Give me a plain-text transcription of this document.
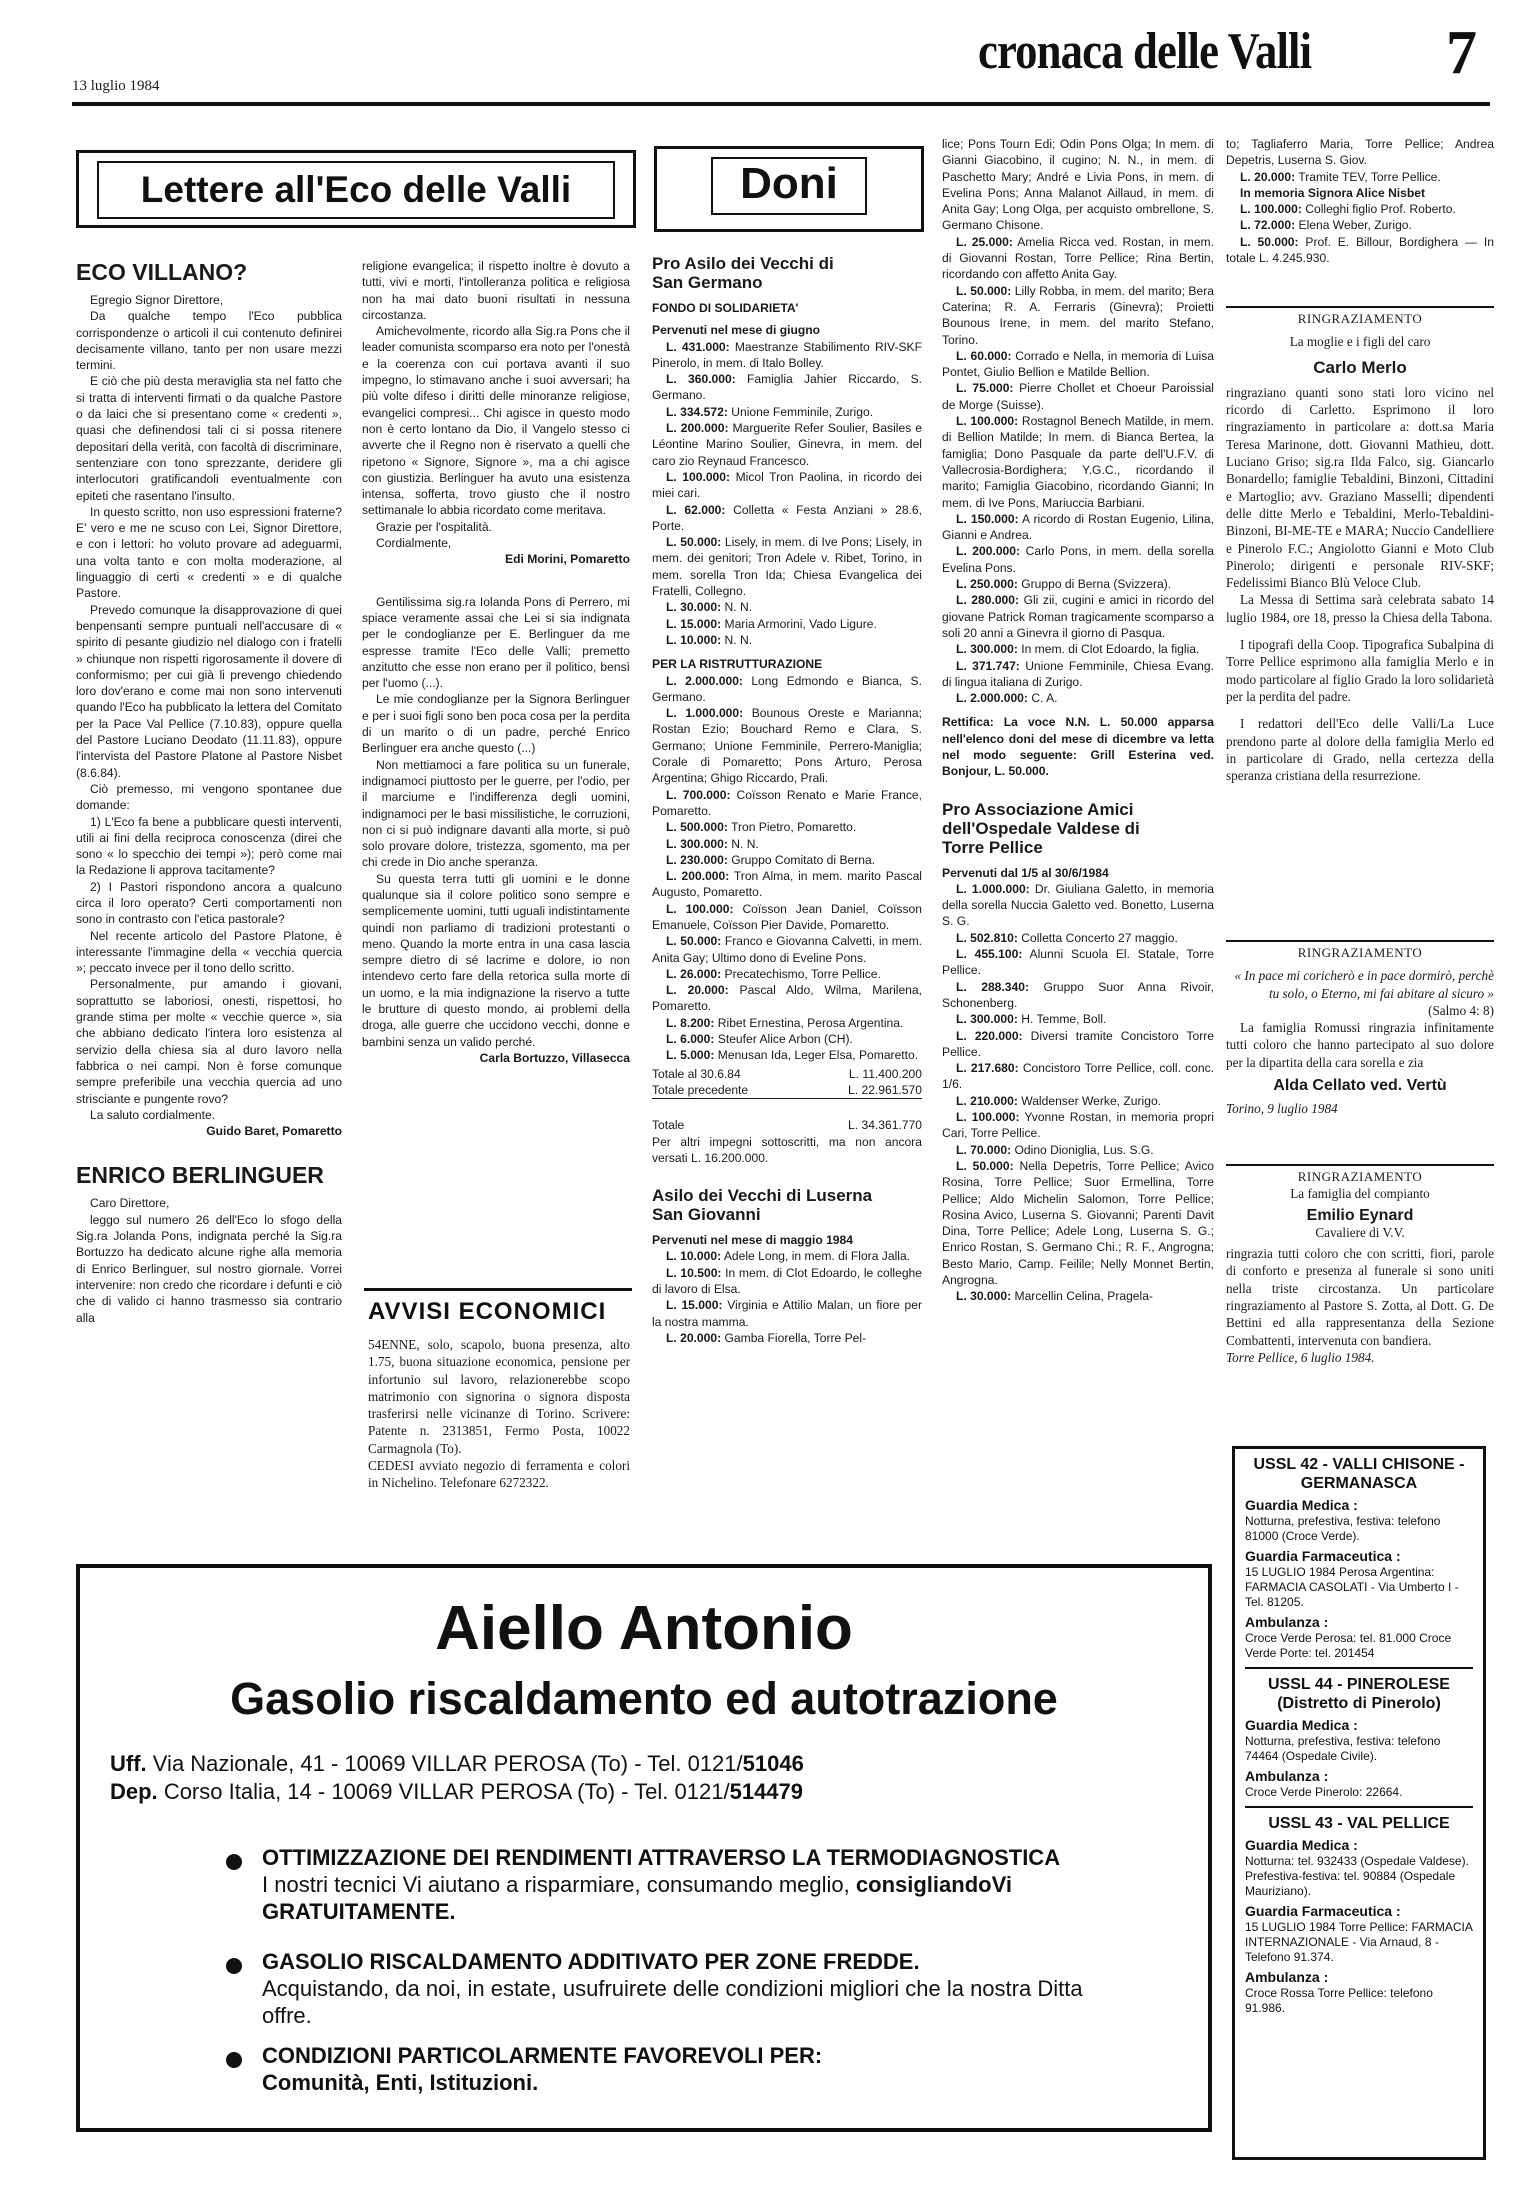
13 luglio 1984
cronaca delle Valli 7
Lettere all'Eco delle Valli
ECO VILLANO?

Egregio Signor Direttore,

Da qualche tempo l'Eco pubblica corrispondenze o articoli il cui contenuto definirei decisamente villano, tanto per non usare mezzi termini.

E ciò che più desta meraviglia sta nel fatto che si tratta di interventi firmati o da qualche Pastore o da laici che si presentano come « credenti », quasi che definendosi tali ci si possa ritenere depositari della verità, con facoltà di discriminare, sentenziare con tono sprezzante, deridere gli interlocutori gratificandoli eventualmente con epiteti che rasentano l'insulto.

In questo scritto, non uso espressioni fraterne? E' vero e me ne scuso con Lei, Signor Direttore, e con i lettori: ho voluto provare ad adeguarmi, una volta tanto e con molta moderazione, al linguaggio di certi « credenti » e di qualche Pastore.

Prevedo comunque la disapprovazione di quei benpensanti sempre puntuali nell'accusare di « spirito di pesante giudizio nel dialogo con i fratelli » chiunque non rispetti rigorosamente il dovere di conformismo; per cui già li prevengo chiedendo loro dov'erano e come mai non sono intervenuti quando l'Eco ha pubblicato la lettera del Comitato per la Pace Val Pellice (7.10.83), oppure quella del Pastore Luciano Deodato (11.11.83), oppure l'intervista del Pastore Platone al Pastore Nisbet (8.6.84).

Ciò premesso, mi vengono spontanee due domande:

1) L'Eco fa bene a pubblicare questi interventi, utili ai fini della reciproca conoscenza (direi che sono « lo specchio dei tempi »); però come mai la Redazione li approva tacitamente?

2) I Pastori rispondono ancora a qualcuno circa il loro operato? Certi comportamenti non sono in contrasto con l'etica pastorale?

Nel recente articolo del Pastore Platone, è interessante l'immagine della « vecchia quercia »; peccato invece per il tono dello scritto.

Personalmente, pur amando i giovani, soprattutto se laboriosi, onesti, rispettosi, ho grande stima per molte « vecchie querce », sia che abbiano dedicato l'intera loro esistenza al servizio della chiesa sia al duro lavoro nella fabbrica o nei campi. Non è forse comunque sempre preferibile una vecchia quercia ad uno strisciante e pungente rovo?

La saluto cordialmente.

Guido Baret, Pomaretto

ENRICO BERLINGUER

Caro Direttore,

leggo sul numero 26 dell'Eco lo sfogo della Sig.ra Jolanda Pons, indignata perché la Sig.ra Bortuzzo ha dedicato alcune righe alla memoria di Enrico Berlinguer, sul nostro giornale. Vorrei intervenire: non credo che ricordare i defunti e ciò che di valido ci hanno trasmesso sia contrario alla

religione evangelica; il rispetto inoltre è dovuto a tutti, vivi e morti, l'intolleranza politica e religiosa non ha mai dato buoni risultati in nessuna circostanza.

Amichevolmente, ricordo alla Sig.ra Pons che il leader comunista scomparso era noto per l'onestà e la coerenza con cui portava avanti il suo impegno, lo stimavano anche i suoi avversari; ha più volte difeso i diritti delle minoranze religiose, evangelici compresi... Chi agisce in questo modo non è certo lontano da Dio, il Vangelo stesso ci avverte che il Regno non è riservato a quelli che ripetono « Signore, Signore », ma a chi agisce con giustizia. Berlinguer ha avuto una esistenza intensa, sofferta, trovo giusto che il nostro settimanale lo abbia ricordato come meritava.

Grazie per l'ospitalità.

Cordialmente,

Edi Morini, Pomaretto

Gentilissima sig.ra Iolanda Pons di Perrero, mi spiace veramente assai che Lei si sia indignata per le condoglianze per E. Berlinguer da me espresse tramite l'Eco delle Valli; premetto anzitutto che esse non erano per il politico, bensì per l'uomo (...).

Le mie condoglianze per la Signora Berlinguer e per i suoi figli sono ben poca cosa per la perdita di un marito o di un padre, perché Enrico Berlinguer era anche questo (...)

Non mettiamoci a fare politica su un funerale, indignamoci piuttosto per le guerre, per l'odio, per il marciume e l'indifferenza degli uomini, indignamoci per le basi missilistiche, le corruzioni, non ci si può indignare davanti alla morte, si può solo provare dolore, tristezza, sgomento, ma per chi crede in Dio anche speranza.

Su questa terra tutti gli uomini e le donne qualunque sia il colore politico sono sempre e semplicemente uomini, tutti uguali indistintamente quindi non parliamo di tradizioni protestanti o meno. Quando la morte entra in una casa lascia sempre dietro di sé lacrime e dolore, io non intendevo certo fare della retorica sulla morte di un uomo, e la mia indignazione la riservo a tutte le brutture di questo mondo, ai problemi della droga, alle guerre che uccidono vecchi, donne e bambini senza un valido perché.

Carla Bortuzzo, Villasecca

AVVISI ECONOMICI

54ENNE, solo, scapolo, buona presenza, alto 1.75, buona situazione economica, pensione per infortunio sul lavoro, relazionerebbe scopo matrimonio con signorina o signora disposta trasferirsi nelle vicinanze di Torino. Scrivere: Patente n. 2313851, Fermo Posta, 10022 Carmagnola (To).

CEDESI avviato negozio di ferramenta e colori in Nichelino. Telefonare 6272322.

Doni
Pro Asilo dei Vecchi di San Germano

FONDO DI SOLIDARIETA'

Pervenuti nel mese di giugno

L. 431.000: Maestranze Stabilimento RIV-SKF Pinerolo, in mem. di Italo Bolley.

L. 360.000: Famiglia Jahier Riccardo, S. Germano.

L. 334.572: Unione Femminile, Zurigo.

L. 200.000: Marguerite Refer Soulier, Basiles e Léontine Marino Soulier, Ginevra, in mem. del caro zio Reynaud Francesco.

L. 100.000: Micol Tron Paolina, in ricordo dei miei cari.

L. 62.000: Colletta « Festa Anziani » 28.6, Porte.

L. 50.000: Lisely, in mem. di Ive Pons; Lisely, in mem. dei genitori; Tron Adele v. Ribet, Torino, in mem. sorella Tron Ida; Chiesa Evangelica dei Fratelli, Collegno.

L. 30.000: N. N.

L. 15.000: Maria Armorini, Vado Ligure.

L. 10.000: N. N.

PER LA RISTRUTTURAZIONE

L. 2.000.000: Long Edmondo e Bianca, S. Germano.

L. 1.000.000: Bounous Oreste e Marianna; Rostan Ezio; Bouchard Remo e Clara, S. Germano; Unione Femminile, Perrero-Maniglia; Corale di Pomaretto; Pons Arturo, Perosa Argentina; Ghigo Riccardo, Prali.

L. 700.000: Coïsson Renato e Marie France, Pomaretto.

L. 500.000: Tron Pietro, Pomaretto.

L. 300.000: N. N.

L. 230.000: Gruppo Comitato di Berna.

L. 200.000: Tron Alma, in mem. marito Pascal Augusto, Pomaretto.

L. 100.000: Coïsson Jean Daniel, Coïsson Emanuele, Coïsson Pier Davide, Pomaretto.

L. 50.000: Franco e Giovanna Calvetti, in mem. Anita Gay; Ultimo dono di Eveline Pons.

L. 26.000: Precatechismo, Torre Pellice.

L. 20.000: Pascal Aldo, Wilma, Marilena, Pomaretto.

L. 8.200: Ribet Ernestina, Perosa Argentina.

L. 6.000: Steufer Alice Arbon (CH).

L. 5.000: Menusan Ida, Leger Elsa, Pomaretto.

Totale al 30.6.84	L. 11.400.200
Totale precedente	L. 22.961.570
Totale	L. 34.361.770

Per altri impegni sottoscritti, ma non ancora versati L. 16.200.000.

Asilo dei Vecchi di Luserna San Giovanni

Pervenuti nel mese di maggio 1984

L. 10.000: Adele Long, in mem. di Flora Jalla.

L. 10.500: In mem. di Clot Edoardo, le colleghe di lavoro di Elsa.

L. 15.000: Virginia e Attilio Malan, un fiore per la nostra mamma.

L. 20.000: Gamba Fiorella, Torre Pel-

lice; Pons Tourn Edi; Odin Pons Olga; In mem. di Gianni Giacobino, il cugino; N. N., in mem. di Paschetto Mary; André e Livia Pons, in mem. di Evelina Pons; Anna Malanot Aillaud, in mem. di Anita Gay; Long Olga, per acquisto ombrellone, S. Germano Chisone.

L. 25.000: Amelia Ricca ved. Rostan, in mem. di Giovanni Rostan, Torre Pellice; Rina Bertin, ricordando con affetto Anita Gay.

L. 50.000: Lilly Robba, in mem. del marito; Bera Caterina; R. A. Ferraris (Ginevra); Proietti Bounous Irene, in mem. del marito Stefano, Torino.

L. 60.000: Corrado e Nella, in memoria di Luisa Pontet, Giulio Bellion e Matilde Bellion.

L. 75.000: Pierre Chollet et Choeur Paroissial de Morge (Suisse).

L. 100.000: Rostagnol Benech Matilde, in mem. di Bellion Matilde; In mem. di Bianca Bertea, la famiglia; Dono Pasquale da parte dell'U.F.V. di Vallecrosia-Bordighera; Y.G.C., ricordando il marito; Famiglia Giacobino, ricordando Gianni; In mem. di Ive Pons, Mariuccia Barbiani.

L. 150.000: A ricordo di Rostan Eugenio, Lilina, Gianni e Andrea.

L. 200.000: Carlo Pons, in mem. della sorella Evelina Pons.

L. 250.000: Gruppo di Berna (Svizzera).

L. 280.000: Gli zii, cugini e amici in ricordo del giovane Patrick Roman tragicamente scomparso a soli 20 anni a Ginevra il giorno di Pasqua.

L. 300.000: In mem. di Clot Edoardo, la figlia.

L. 371.747: Unione Femminile, Chiesa Evang. di lingua italiana di Zurigo.

L. 2.000.000: C. A.

Rettifica: La voce N.N. L. 50.000 apparsa nell'elenco doni del mese di dicembre va letta nel modo seguente: Grill Esterina ved. Bonjour, L. 50.000.

Pro Associazione Amici dell'Ospedale Valdese di Torre Pellice

Pervenuti dal 1/5 al 30/6/1984

L. 1.000.000: Dr. Giuliana Galetto, in memoria della sorella Nuccia Galetto ved. Bonetto, Luserna S. G.

L. 502.810: Colletta Concerto 27 maggio.

L. 455.100: Alunni Scuola El. Statale, Torre Pellice.

L. 288.340: Gruppo Suor Anna Rivoir, Schonenberg.

L. 300.000: H. Temme, Boll.

L. 220.000: Diversi tramite Concistoro Torre Pellice.

L. 217.680: Concistoro Torre Pellice, coll. conc. 1/6.

L. 210.000: Waldenser Werke, Zurigo.

L. 100.000: Yvonne Rostan, in memoria propri Cari, Torre Pellice.

L. 70.000: Odino Dioniglia, Lus. S.G.

L. 50.000: Nella Depetris, Torre Pellice; Avico Rosina, Torre Pellice; Suor Ermellina, Torre Pellice; Aldo Michelin Salomon, Torre Pellice; Rosina Avico, Luserna S. Giovanni; Parenti Davit Dina, Torre Pellice; Adele Long, Luserna S. G.; Enrico Rostan, S. Germano Chi.; R. F., Angrogna; Besto Mario, Camp. Feilile; Nelly Monnet Bertin, Angrogna.

L. 30.000: Marcellin Celina, Pragela-

to; Tagliaferro Maria, Torre Pellice; Andrea Depetris, Luserna S. Giov.

L. 20.000: Tramite TEV, Torre Pellice.

In memoria Signora Alice Nisbet

L. 100.000: Colleghi figlio Prof. Roberto.

L. 72.000: Elena Weber, Zurigo.

L. 50.000: Prof. E. Billour, Bordighera — In totale L. 4.245.930.

RINGRAZIAMENTO
La moglie e i figli del caro
Carlo Merlo

ringraziano quanti sono stati loro vicino nel ricordo di Carletto. Esprimono il loro ringraziamento in particolare a: dott.sa Maria Teresa Marinone, dott. Giovanni Mathieu, dott. Luciano Griso; sig.ra Ilda Falco, sig. Giancarlo Bonardello; famiglie Tebaldini, Binzoni, Cittadini e Martoglio; avv. Graziano Masselli; dipendenti delle ditte Merlo e Tebaldini, Merlo-Tebaldini-Binzoni, BI-ME-TE e MARA; Nuccio Candelliere e Pinerolo F.C.; Angiolotto Gianni e Moto Club Pinerolo; dirigenti e personale RIV-SKF; Fedelissimi Bianco Blù Veloce Club.

La Messa di Settima sarà celebrata sabato 14 luglio 1984, ore 18, presso la Chiesa della Tabona.

I tipografi della Coop. Tipografica Subalpina di Torre Pellice esprimono alla famiglia Merlo e in modo particolare al figlio Grado la loro solidarietà per la perdita del padre.

I redattori dell'Eco delle Valli/La Luce prendono parte al dolore della famiglia Merlo ed in particolare di Grado, nella certezza della speranza cristiana della resurrezione.

RINGRAZIAMENTO

« In pace mi coricherò e in pace dormirò, perchè tu solo, o Eterno, mi fai abitare al sicuro »

(Salmo 4: 8)

La famiglia Romussi ringrazia infinitamente tutti coloro che hanno partecipato al suo dolore per la dipartita della cara sorella e zia

Alda Cellato ved. Vertù

Torino, 9 luglio 1984

RINGRAZIAMENTO
La famiglia del compianto
Emilio Eynard
Cavaliere di V.V.

ringrazia tutti coloro che con scritti, fiori, parole di conforto e presenza al funerale si sono uniti nella triste circostanza. Un particolare ringraziamento al Pastore S. Zotta, al Dott. G. De Bettini ed alla rappresentanza della Sezione Combattenti, intervenuta con bandiera.

Torre Pellice, 6 luglio 1984.

USSL 42 - VALLI CHISONE - GERMANASCA

Guardia Medica :

Notturna, prefestiva, festiva: telefono 81000 (Croce Verde).

Guardia Farmaceutica :

15 LUGLIO 1984 Perosa Argentina: FARMACIA CASOLATI - Via Umberto I - Tel. 81205.

Ambulanza :

Croce Verde Perosa: tel. 81.000 Croce Verde Porte: tel. 201454

USSL 44 - PINEROLESE (Distretto di Pinerolo)

Guardia Medica :

Notturna, prefestiva, festiva: telefono 74464 (Ospedale Civile).

Ambulanza :

Croce Verde Pinerolo: 22664.

USSL 43 - VAL PELLICE

Guardia Medica :

Notturna: tel. 932433 (Ospedale Valdese). Prefestiva-festiva: tel. 90884 (Ospedale Mauriziano).

Guardia Farmaceutica :

15 LUGLIO 1984 Torre Pellice: FARMACIA INTERNAZIONALE - Via Arnaud, 8 - Telefono 91.374.

Ambulanza :

Croce Rossa Torre Pellice: telefono 91.986.

Aiello Antonio
Gasolio riscaldamento ed autotrazione
Uff. Via Nazionale, 41 - 10069 VILLAR PEROSA (To) - Tel. 0121/51046
Dep. Corso Italia, 14 - 10069 VILLAR PEROSA (To) - Tel. 0121/514479
OTTIMIZZAZIONE DEI RENDIMENTI ATTRAVERSO LA TERMODIAGNOSTICA
I nostri tecnici Vi aiutano a risparmiare, consumando meglio, consigliandoVi GRATUITAMENTE.
GASOLIO RISCALDAMENTO ADDITIVATO PER ZONE FREDDE.
Acquistando, da noi, in estate, usufruirete delle condizioni migliori che la nostra Ditta offre.
CONDIZIONI PARTICOLARMENTE FAVOREVOLI PER:
Comunità, Enti, Istituzioni.
